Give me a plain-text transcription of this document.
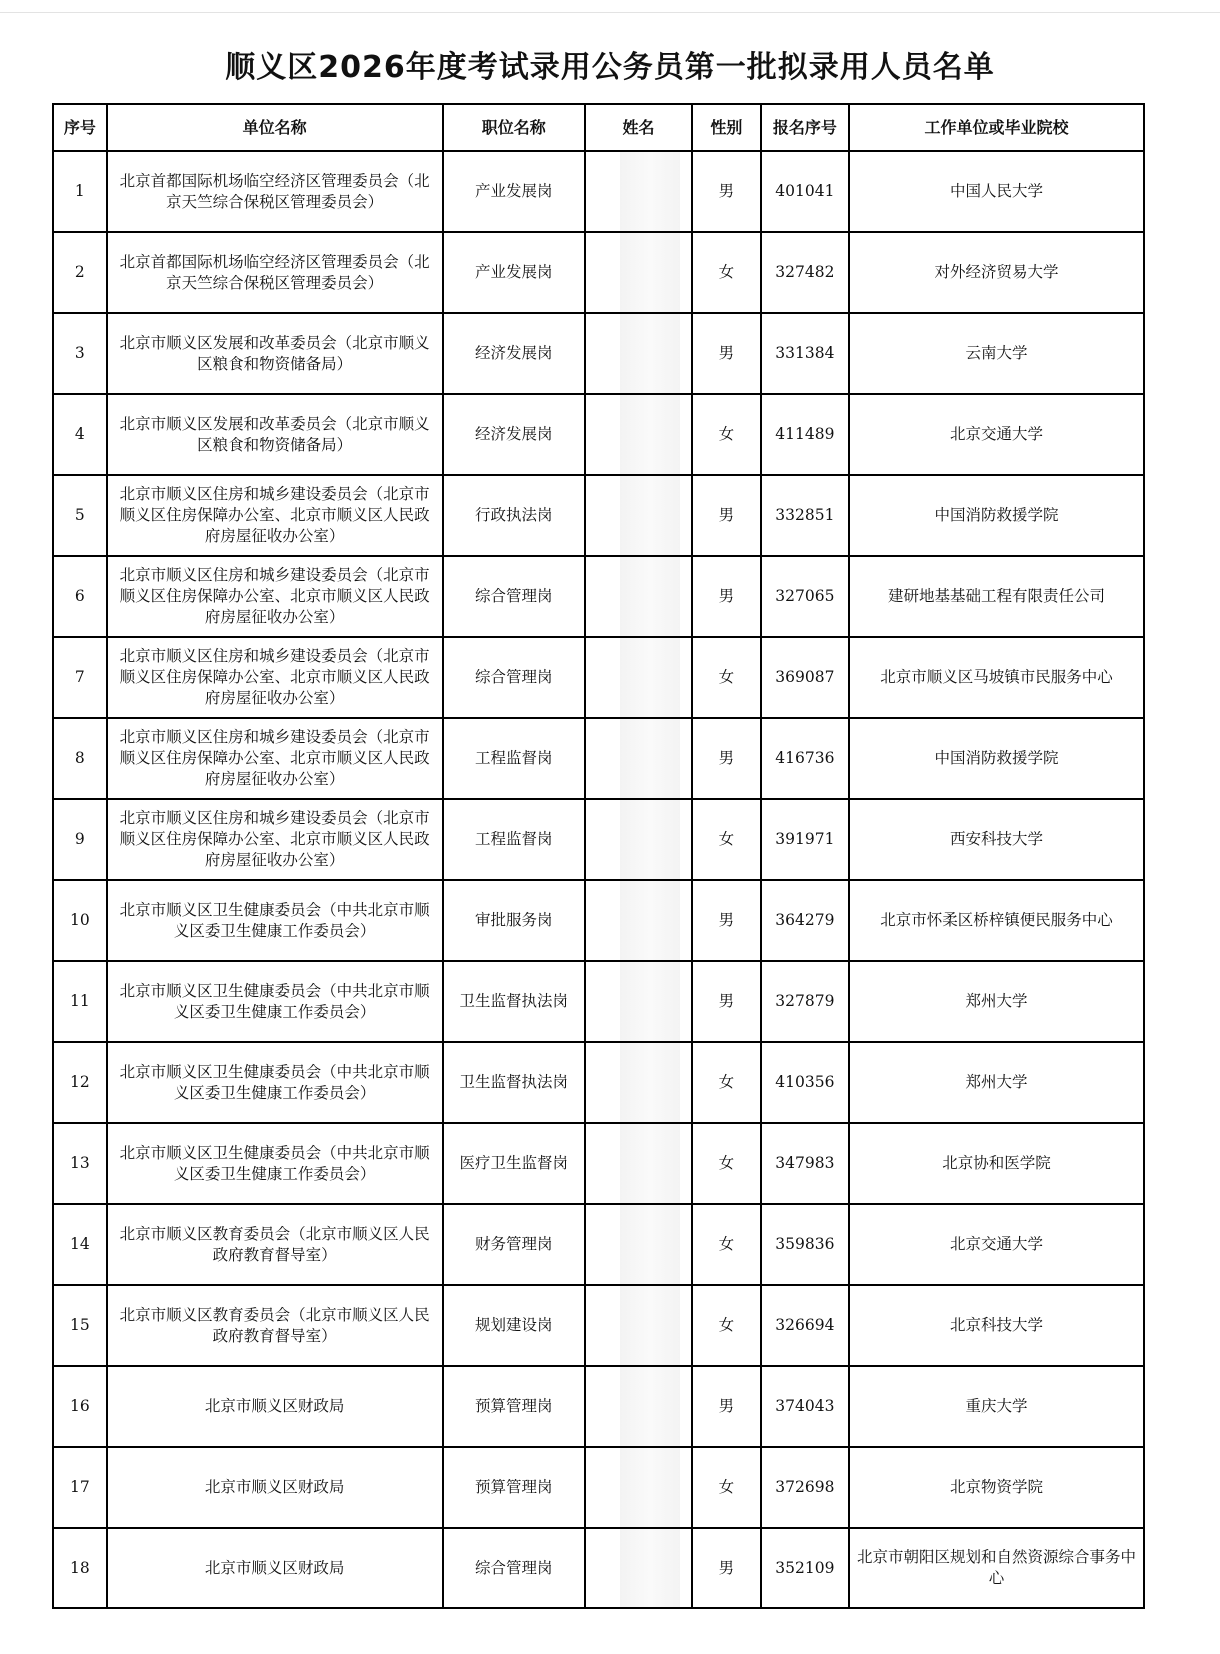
顺义区2026年度考试录用公务员第一批拟录用人员名单
序号	单位名称	职位名称	姓名	性别	报名序号	工作单位或毕业院校
1	北京首都国际机场临空经济区管理委员会（北京天竺综合保税区管理委员会）	产业发展岗		男	401041	中国人民大学
2	北京首都国际机场临空经济区管理委员会（北京天竺综合保税区管理委员会）	产业发展岗		女	327482	对外经济贸易大学
3	北京市顺义区发展和改革委员会（北京市顺义区粮食和物资储备局）	经济发展岗		男	331384	云南大学
4	北京市顺义区发展和改革委员会（北京市顺义区粮食和物资储备局）	经济发展岗		女	411489	北京交通大学
5	北京市顺义区住房和城乡建设委员会（北京市顺义区住房保障办公室、北京市顺义区人民政府房屋征收办公室）	行政执法岗		男	332851	中国消防救援学院
6	北京市顺义区住房和城乡建设委员会（北京市顺义区住房保障办公室、北京市顺义区人民政府房屋征收办公室）	综合管理岗		男	327065	建研地基基础工程有限责任公司
7	北京市顺义区住房和城乡建设委员会（北京市顺义区住房保障办公室、北京市顺义区人民政府房屋征收办公室）	综合管理岗		女	369087	北京市顺义区马坡镇市民服务中心
8	北京市顺义区住房和城乡建设委员会（北京市顺义区住房保障办公室、北京市顺义区人民政府房屋征收办公室）	工程监督岗		男	416736	中国消防救援学院
9	北京市顺义区住房和城乡建设委员会（北京市顺义区住房保障办公室、北京市顺义区人民政府房屋征收办公室）	工程监督岗		女	391971	西安科技大学
10	北京市顺义区卫生健康委员会（中共北京市顺义区委卫生健康工作委员会）	审批服务岗		男	364279	北京市怀柔区桥梓镇便民服务中心
11	北京市顺义区卫生健康委员会（中共北京市顺义区委卫生健康工作委员会）	卫生监督执法岗		男	327879	郑州大学
12	北京市顺义区卫生健康委员会（中共北京市顺义区委卫生健康工作委员会）	卫生监督执法岗		女	410356	郑州大学
13	北京市顺义区卫生健康委员会（中共北京市顺义区委卫生健康工作委员会）	医疗卫生监督岗		女	347983	北京协和医学院
14	北京市顺义区教育委员会（北京市顺义区人民政府教育督导室）	财务管理岗		女	359836	北京交通大学
15	北京市顺义区教育委员会（北京市顺义区人民政府教育督导室）	规划建设岗		女	326694	北京科技大学
16	北京市顺义区财政局	预算管理岗		男	374043	重庆大学
17	北京市顺义区财政局	预算管理岗		女	372698	北京物资学院
18	北京市顺义区财政局	综合管理岗		男	352109	北京市朝阳区规划和自然资源综合事务中心
